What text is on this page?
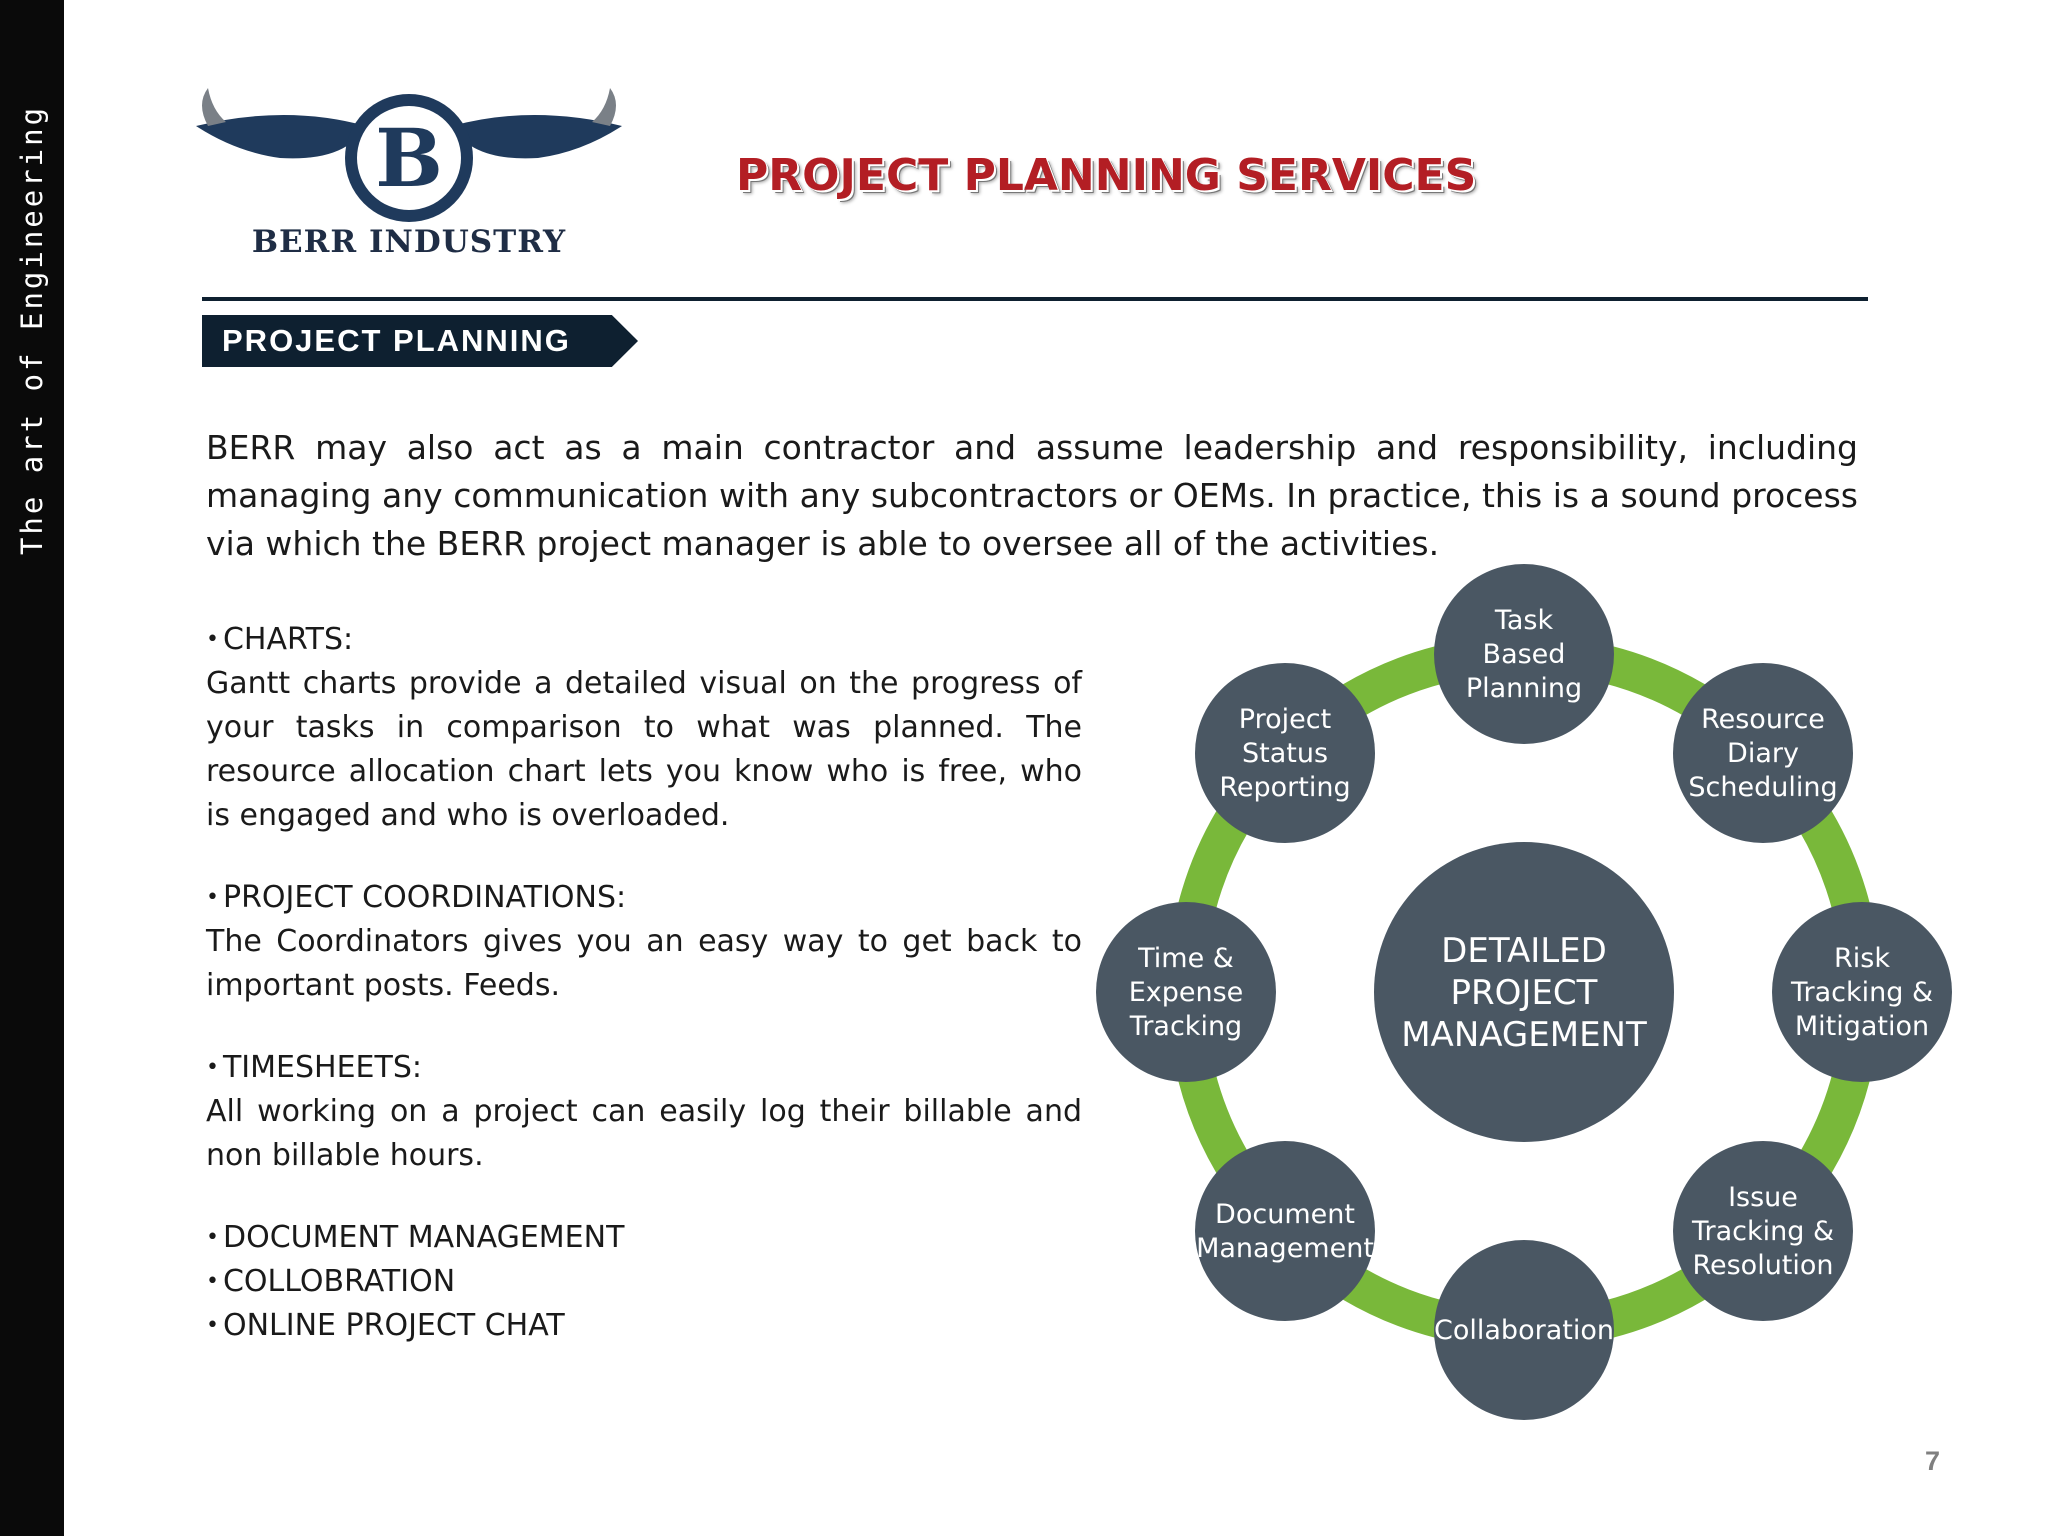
The art of Engineering	B
BERR INDUSTRY
PROJECT PLANNING SERVICES
PROJECT PLANNING
BERR may also act as a main contractor and assume leadership and responsibility, including managing any communication with any subcontractors or OEMs. In practice, this is a sound process via which the BERR project manager is able to oversee all of the activities.
• CHARTS:
Gantt charts provide a detailed visual on the progress of your tasks in comparison to what was planned. The resource allocation chart lets you know who is free, who is engaged and who is overloaded.
• PROJECT COORDINATIONS:
The Coordinators gives you an easy way to get back to important posts. Feeds.
• TIMESHEETS:
All working on a project can easily log their billable and non billable hours.
• DOCUMENT MANAGEMENT
• COLLOBRATION
• ONLINE PROJECT CHAT
DETAILED
PROJECT
MANAGEMENT
Task
Based
Planning
Resource
Diary
Scheduling
Risk
Tracking &
Mitigation
Issue
Tracking &
Resolution
Collaboration
Document
Management
Time &
Expense
Tracking
Project
Status
Reporting
7
